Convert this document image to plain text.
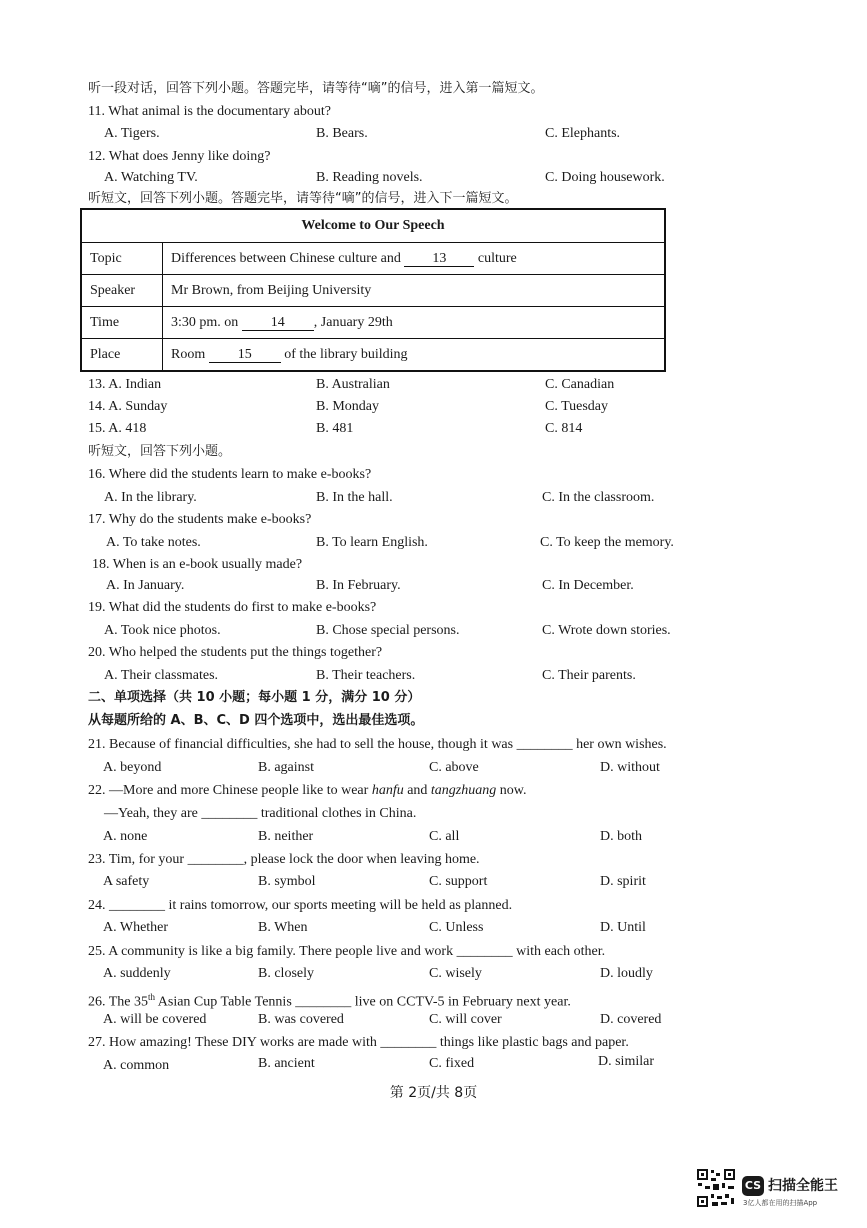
听一段对话，回答下列小题。答题完毕，请等待“嘀”的信号，进入第一篇短文。
11. What animal is the documentary about?
A. Tigers.	B. Bears.	C. Elephants.
12. What does Jenny like doing?
A. Watching TV.	B. Reading novels.	C. Doing housework.
听短文，回答下列小题。答题完毕，请等待“嘀”的信号，进入下一篇短文。
Welcome to Our Speech	
Topic	Differences between Chinese culture and 13 culture
Speaker	Mr Brown, from Beijing University
Time	3:30 pm. on 14 , January 29th
Place	Room 15 of the library building
13. A. Indian	B. Australian	C. Canadian
14. A. Sunday	B. Monday	C. Tuesday
15. A. 418	B. 481	C. 814
听短文，回答下列小题。
16. Where did the students learn to make e-books?
A. In the library.	B. In the hall.	C. In the classroom.
17. Why do the students make e-books?
A. To take notes.	B. To learn English.	C. To keep the memory.
18. When is an e-book usually made?
A. In January.	B. In February.	C. In December.
19. What did the students do first to make e-books?
A. Took nice photos.	B. Chose special persons.	C. Wrote down stories.
20. Who helped the students put the things together?
A. Their classmates.	B. Their teachers.	C. Their parents.
二、单项选择（共 10 小题；每小题 1 分，满分 10 分）
从每题所给的 A、B、C、D 四个选项中，选出最佳选项。
21. Because of financial difficulties, she had to sell the house, though it was ________ her own wishes.
A. beyond	B. against	C. above	D. without
22. —More and more Chinese people like to wear hanfu and tangzhuang now.
—Yeah, they are ________ traditional clothes in China.
A. none	B. neither	C. all	D. both
23. Tim, for your ________, please lock the door when leaving home.
A safety	B. symbol	C. support	D. spirit
24. ________ it rains tomorrow, our sports meeting will be held as planned.
A. Whether	B. When	C. Unless	D. Until
25. A community is like a big family. There people live and work ________ with each other.
A. suddenly	B. closely	C. wisely	D. loudly
26. The 35th Asian Cup Table Tennis ________ live on CCTV-5 in February next year.
A. will be covered	B. was covered	C. will cover	D. covered
27. How amazing! These DIY works are made with ________ things like plastic bags and paper.
A. common	B. ancient	C. fixed	D. similar
第 2页/共 8页
CS 扫描全能王
3亿人都在用的扫描App
